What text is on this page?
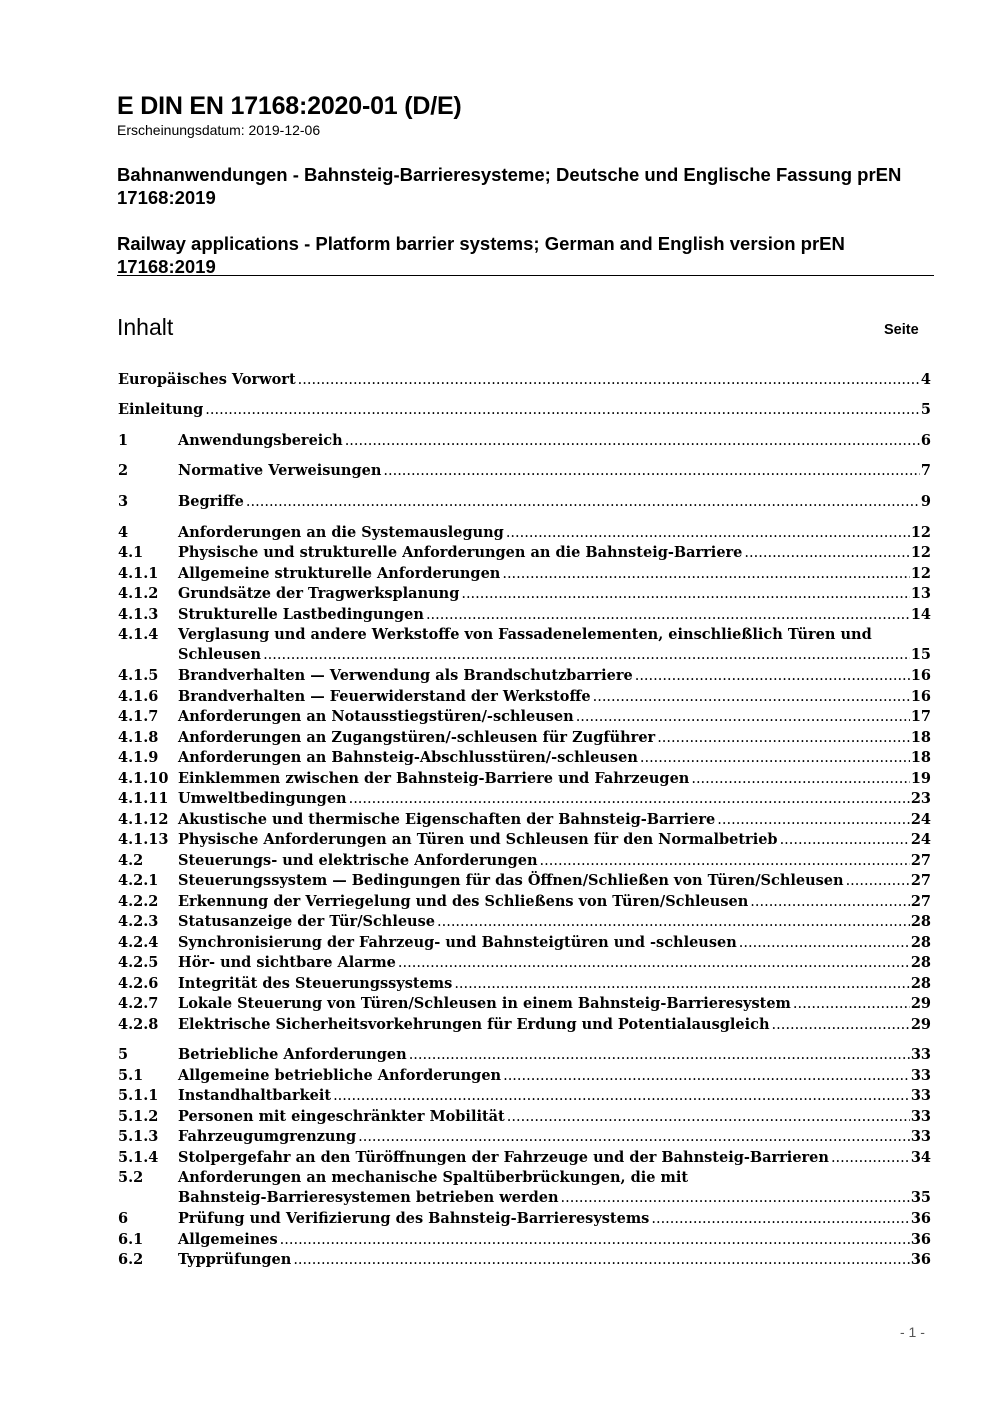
E DIN EN 17168:2020-01 (D/E)
Erscheinungsdatum: 2019-12-06
Bahnanwendungen - Bahnsteig-Barrieresysteme; Deutsche und Englische Fassung prEN 17168:2019
Railway applications - Platform barrier systems; German and English version prEN 17168:2019
Inhalt	Seite
Europäisches Vorwort .....	4
Einleitung .....	5
1	Anwendungsbereich .....	6
2	Normative Verweisungen .....	7
3	Begriffe .....	9
4	Anforderungen an die Systemauslegung .....	12
4.1 Physische und strukturelle Anforderungen an die Bahnsteig-Barriere .....	12
4.1.1 Allgemeine strukturelle Anforderungen .....	12
4.1.2 Grundsätze der Tragwerksplanung .....	13
4.1.3 Strukturelle Lastbedingungen .....	14
4.1.4 Verglasung und andere Werkstoffe von Fassadenelementen, einschließlich Türen und
Schleusen .....	15
4.1.5 Brandverhalten — Verwendung als Brandschutzbarriere .....	16
4.1.6 Brandverhalten — Feuerwiderstand der Werkstoffe .....	16
4.1.7 Anforderungen an Notausstiegstüren/-schleusen .....	17
4.1.8 Anforderungen an Zugangstüren/-schleusen für Zugführer .....	18
4.1.9 Anforderungen an Bahnsteig-Abschlusstüren/-schleusen .....	18
4.1.10 Einklemmen zwischen der Bahnsteig-Barriere und Fahrzeugen .....	19
4.1.11 Umweltbedingungen .....	23
4.1.12 Akustische und thermische Eigenschaften der Bahnsteig-Barriere .....	24
4.1.13 Physische Anforderungen an Türen und Schleusen für den Normalbetrieb .....	24
4.2 Steuerungs- und elektrische Anforderungen .....	27
4.2.1 Steuerungssystem — Bedingungen für das Öffnen/Schließen von Türen/Schleusen .....	27
4.2.2 Erkennung der Verriegelung und des Schließens von Türen/Schleusen .....	27
4.2.3 Statusanzeige der Tür/Schleuse .....	28
4.2.4 Synchronisierung der Fahrzeug- und Bahnsteigtüren und -schleusen .....	28
4.2.5 Hör- und sichtbare Alarme .....	28
4.2.6 Integrität des Steuerungssystems .....	28
4.2.7 Lokale Steuerung von Türen/Schleusen in einem Bahnsteig-Barrieresystem .....	29
4.2.8 Elektrische Sicherheitsvorkehrungen für Erdung und Potentialausgleich .....	29
5	Betriebliche Anforderungen .....	33
5.1 Allgemeine betriebliche Anforderungen .....	33
5.1.1 Instandhaltbarkeit .....	33
5.1.2 Personen mit eingeschränkter Mobilität .....	33
5.1.3 Fahrzeugumgrenzung .....	33
5.1.4 Stolpergefahr an den Türöffnungen der Fahrzeuge und der Bahnsteig-Barrieren .....	34
5.2 Anforderungen an mechanische Spaltüberbrückungen, die mit
Bahnsteig-Barrieresystemen betrieben werden .....	35
6	Prüfung und Verifizierung des Bahnsteig-Barrieresystems .....	36
6.1 Allgemeines .....	36
6.2 Typprüfungen .....	36
- 1 -
